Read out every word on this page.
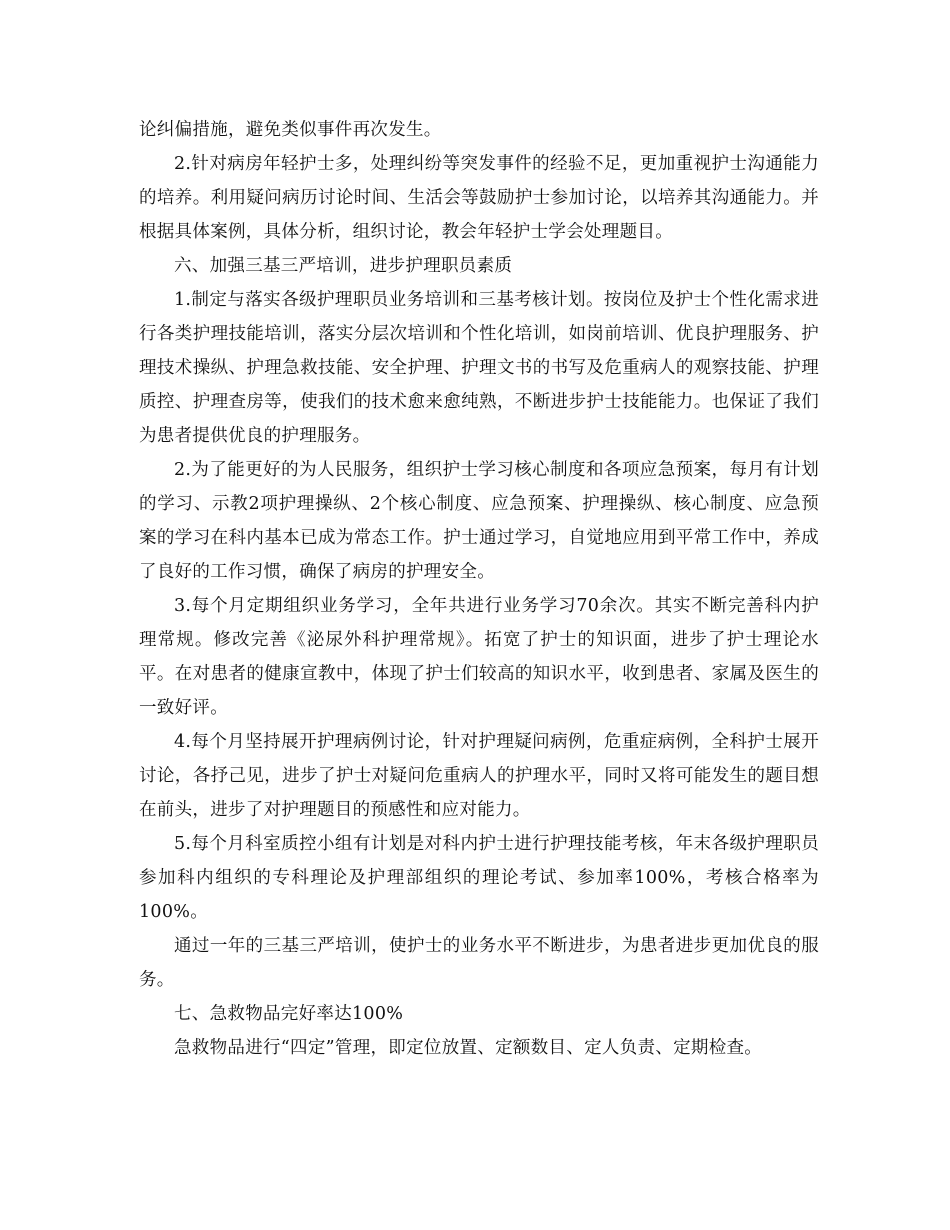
论纠偏措施，避免类似事件再次发生。

2.针对病房年轻护士多，处理纠纷等突发事件的经验不足，更加重视护士沟通能力的培养。利用疑问病历讨论时间、生活会等鼓励护士参加讨论，以培养其沟通能力。并根据具体案例，具体分析，组织讨论，教会年轻护士学会处理题目。

六、加强三基三严培训，进步护理职员素质

1.制定与落实各级护理职员业务培训和三基考核计划。按岗位及护士个性化需求进行各类护理技能培训，落实分层次培训和个性化培训，如岗前培训、优良护理服务、护理技术操纵、护理急救技能、安全护理、护理文书的书写及危重病人的观察技能、护理质控、护理查房等，使我们的技术愈来愈纯熟，不断进步护士技能能力。也保证了我们为患者提供优良的护理服务。

2.为了能更好的为人民服务，组织护士学习核心制度和各项应急预案，每月有计划的学习、示教2项护理操纵、2个核心制度、应急预案、护理操纵、核心制度、应急预案的学习在科内基本已成为常态工作。护士通过学习，自觉地应用到平常工作中，养成了良好的工作习惯，确保了病房的护理安全。

3.每个月定期组织业务学习，全年共进行业务学习70余次。其实不断完善科内护理常规。修改完善《泌尿外科护理常规》。拓宽了护士的知识面，进步了护士理论水平。在对患者的健康宣教中，体现了护士们较高的知识水平，收到患者、家属及医生的一致好评。

4.每个月坚持展开护理病例讨论，针对护理疑问病例，危重症病例，全科护士展开讨论，各抒己见，进步了护士对疑问危重病人的护理水平，同时又将可能发生的题目想在前头，进步了对护理题目的预感性和应对能力。

5.每个月科室质控小组有计划是对科内护士进行护理技能考核，年末各级护理职员参加科内组织的专科理论及护理部组织的理论考试、参加率100%，考核合格率为100%。

通过一年的三基三严培训，使护士的业务水平不断进步，为患者进步更加优良的服务。

七、急救物品完好率达100%

急救物品进行“四定”管理，即定位放置、定额数目、定人负责、定期检查。
